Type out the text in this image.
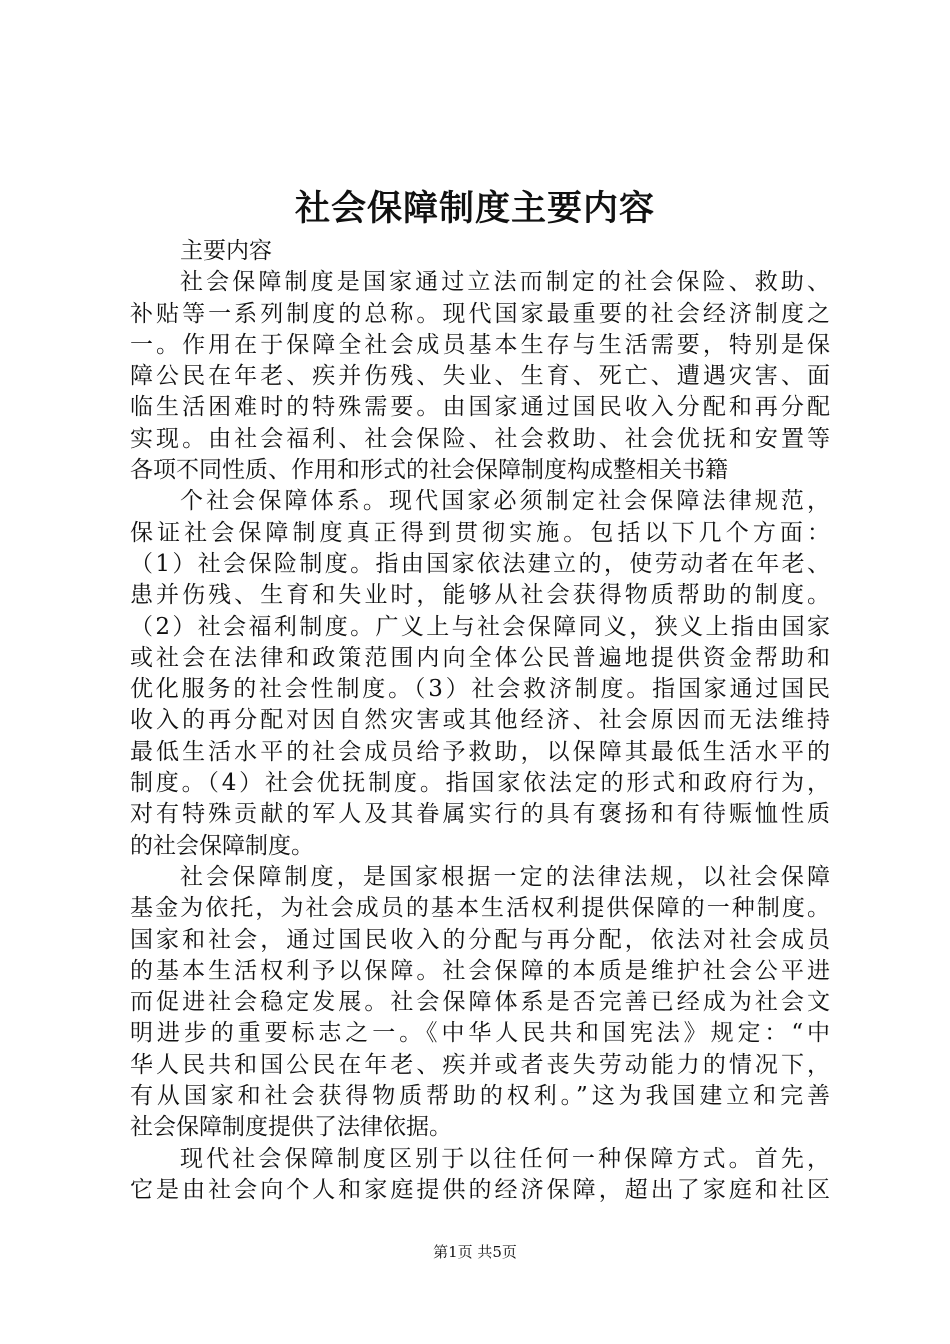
社会保障制度主要内容
主要内容
社会保障制度是国家通过立法而制定的社会保险、救助、
补贴等一系列制度的总称。现代国家最重要的社会经济制度之
一。作用在于保障全社会成员基本生存与生活需要，特别是保
障公民在年老、疾并伤残、失业、生育、死亡、遭遇灾害、面
临生活困难时的特殊需要。由国家通过国民收入分配和再分配
实现。由社会福利、社会保险、社会救助、社会优抚和安置等
各项不同性质、作用和形式的社会保障制度构成整相关书籍
个社会保障体系。现代国家必须制定社会保障法律规范，
保证社会保障制度真正得到贯彻实施。包括以下几个方面：
（1）社会保险制度。指由国家依法建立的，使劳动者在年老、
患并伤残、生育和失业时，能够从社会获得物质帮助的制度。
（2）社会福利制度。广义上与社会保障同义，狭义上指由国家
或社会在法律和政策范围内向全体公民普遍地提供资金帮助和
优化服务的社会性制度。（3）社会救济制度。指国家通过国民
收入的再分配对因自然灾害或其他经济、社会原因而无法维持
最低生活水平的社会成员给予救助，以保障其最低生活水平的
制度。（4）社会优抚制度。指国家依法定的形式和政府行为，
对有特殊贡献的军人及其眷属实行的具有褒扬和有待赈恤性质
的社会保障制度。
社会保障制度，是国家根据一定的法律法规，以社会保障
基金为依托，为社会成员的基本生活权利提供保障的一种制度。
国家和社会，通过国民收入的分配与再分配，依法对社会成员
的基本生活权利予以保障。社会保障的本质是维护社会公平进
而促进社会稳定发展。社会保障体系是否完善已经成为社会文
明进步的重要标志之一。《中华人民共和国宪法》规定：“中
华人民共和国公民在年老、疾并或者丧失劳动能力的情况下，
有从国家和社会获得物质帮助的权利。”这为我国建立和完善
社会保障制度提供了法律依据。
现代社会保障制度区别于以往任何一种保障方式。首先，
它是由社会向个人和家庭提供的经济保障，超出了家庭和社区
第1页 共5页
